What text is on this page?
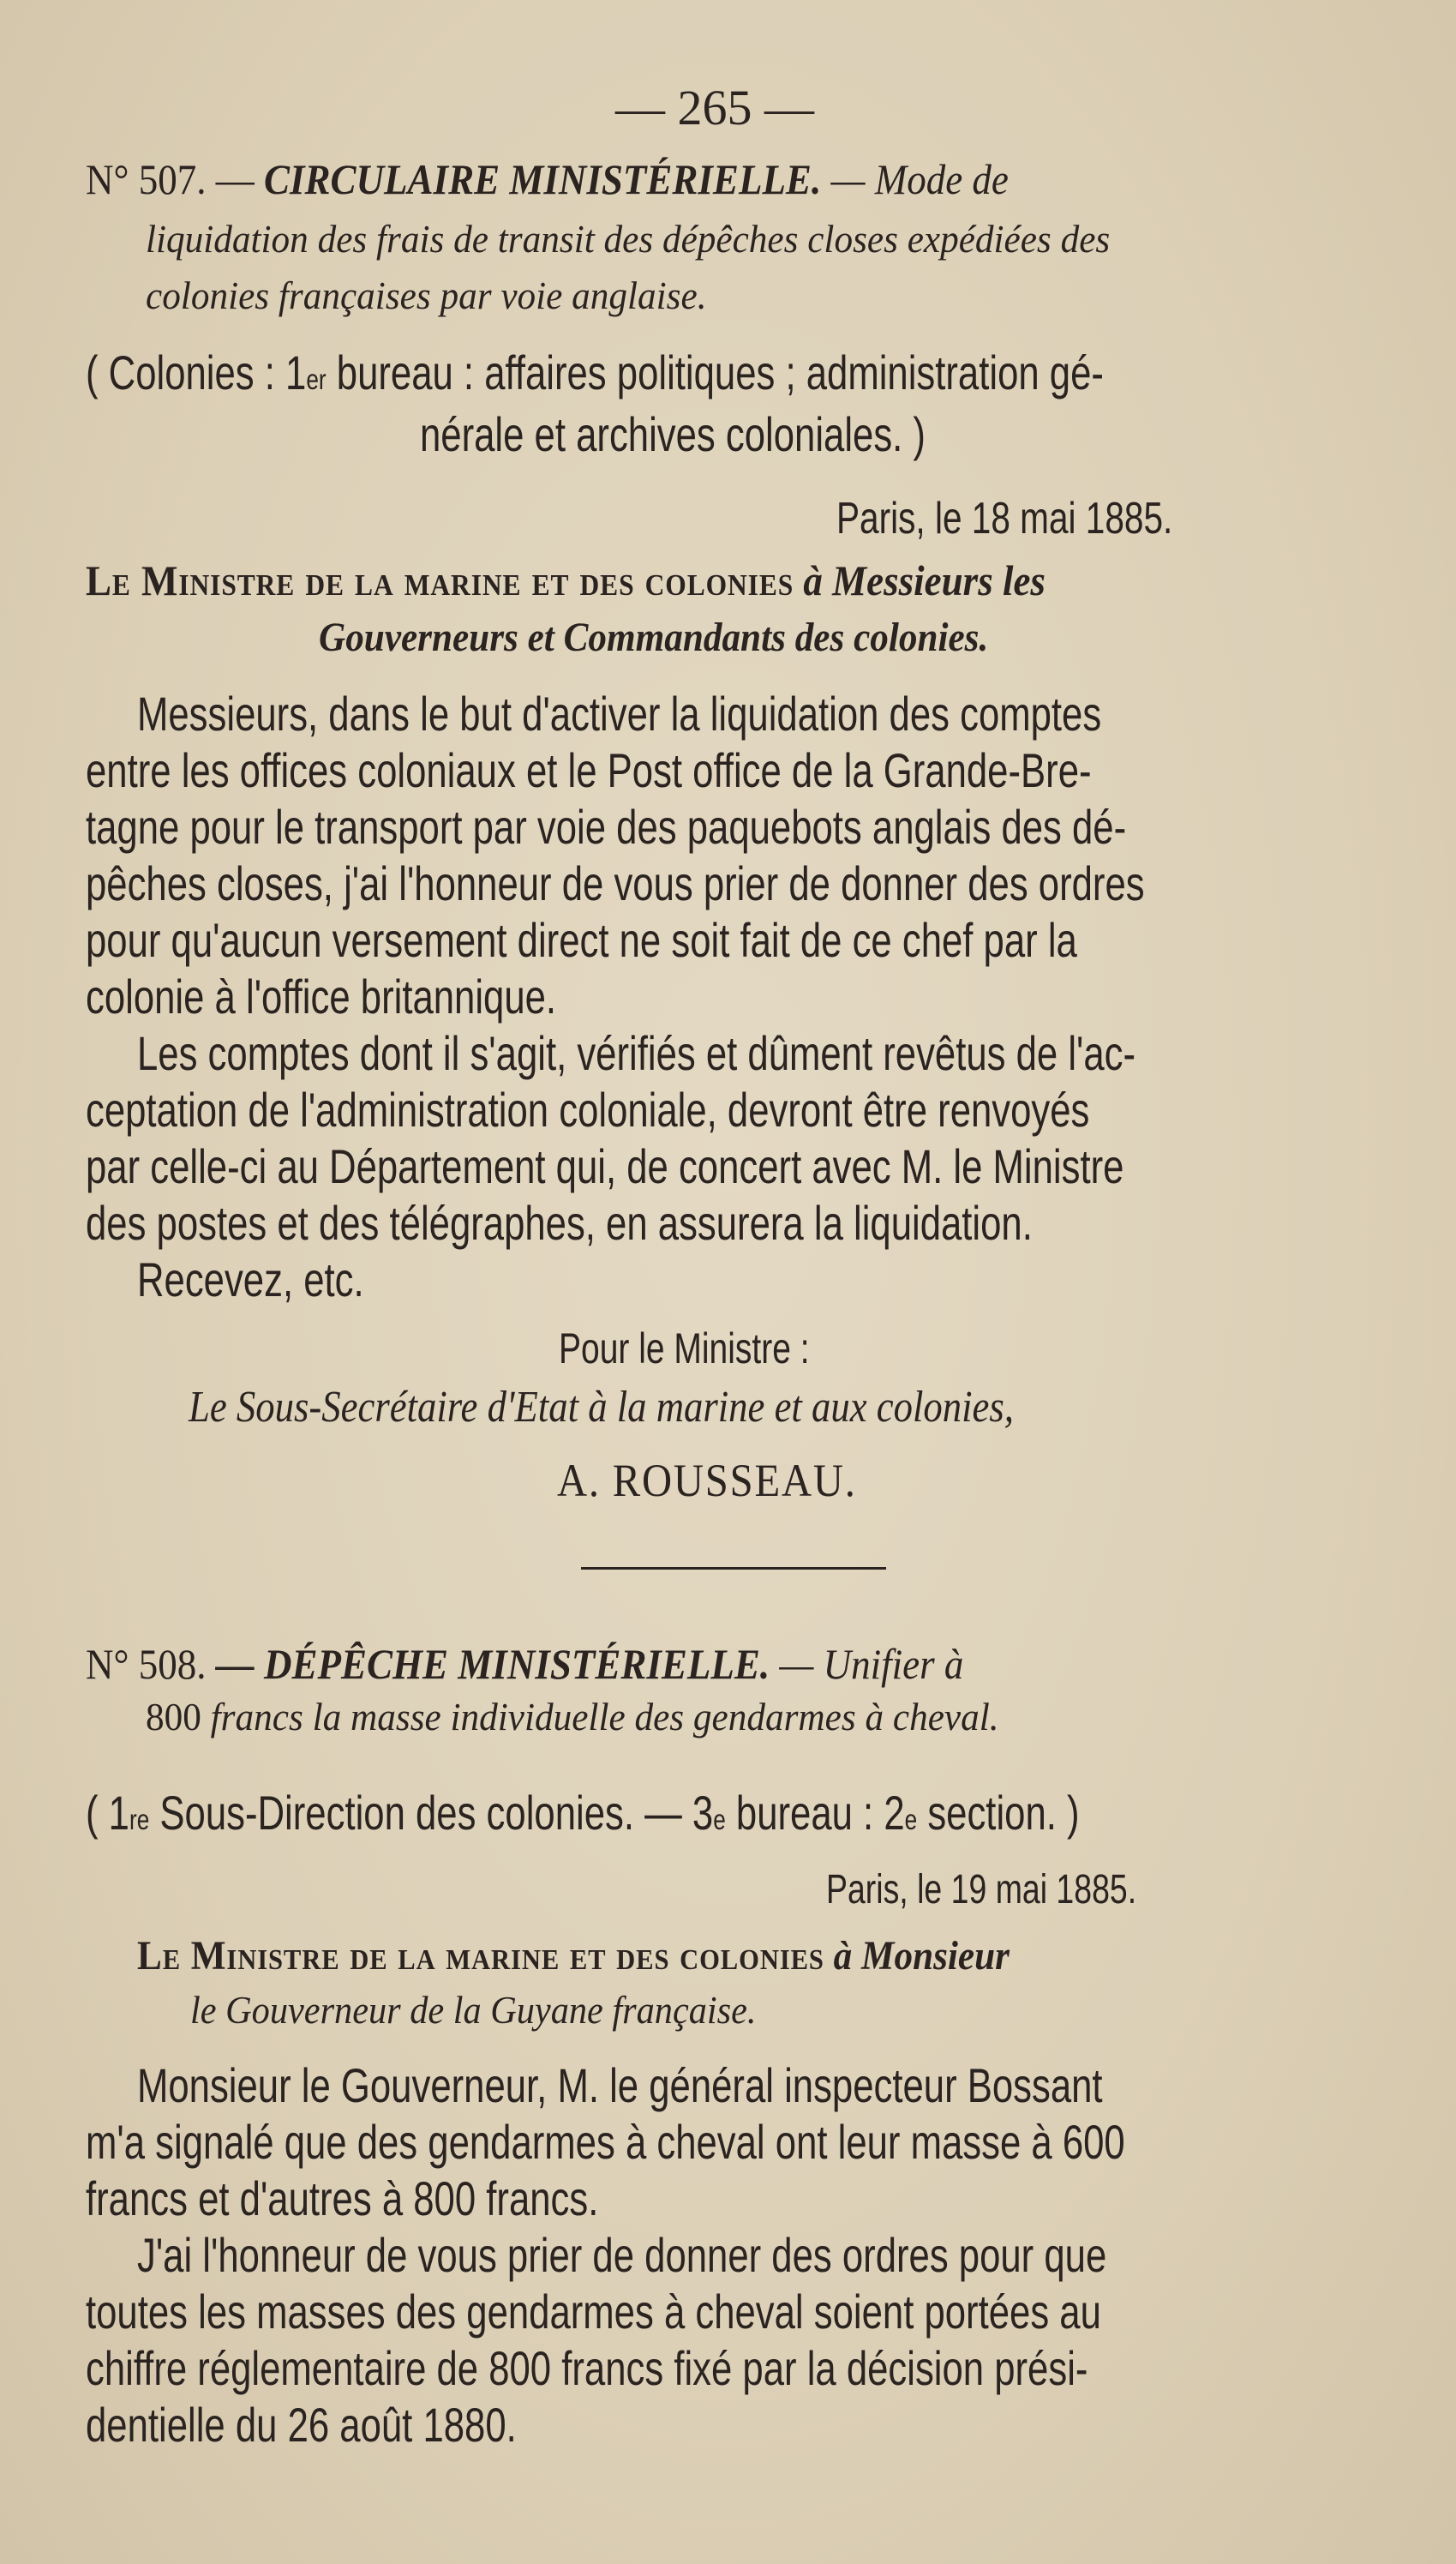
— 265 —
N° 507. — CIRCULAIRE MINISTÉRIELLE. — Mode de
liquidation des frais de transit des dépêches closes expédiées des
colonies françaises par voie anglaise.
( Colonies : 1er bureau : affaires politiques ; administration gé-
nérale et archives coloniales. )
Paris, le 18 mai 1885.
Le Ministre de la marine et des colonies à Messieurs les
Gouverneurs et Commandants des colonies.
Messieurs, dans le but d'activer la liquidation des comptes
entre les offices coloniaux et le Post office de la Grande-Bre-
tagne pour le transport par voie des paquebots anglais des dé-
pêches closes, j'ai l'honneur de vous prier de donner des ordres
pour qu'aucun versement direct ne soit fait de ce chef par la
colonie à l'office britannique.
Les comptes dont il s'agit, vérifiés et dûment revêtus de l'ac-
ceptation de l'administration coloniale, devront être renvoyés
par celle-ci au Département qui, de concert avec M. le Ministre
des postes et des télégraphes, en assurera la liquidation.
Recevez, etc.
Pour le Ministre :
Le Sous-Secrétaire d'Etat à la marine et aux colonies,
A. ROUSSEAU.
N° 508. — DÉPÊCHE MINISTÉRIELLE. — Unifier à
800 francs la masse individuelle des gendarmes à cheval.
( 1re Sous-Direction des colonies. — 3e bureau : 2e section. )
Paris, le 19 mai 1885.
Le Ministre de la marine et des colonies à Monsieur
le Gouverneur de la Guyane française.
Monsieur le Gouverneur, M. le général inspecteur Bossant
m'a signalé que des gendarmes à cheval ont leur masse à 600
francs et d'autres à 800 francs.
J'ai l'honneur de vous prier de donner des ordres pour que
toutes les masses des gendarmes à cheval soient portées au
chiffre réglementaire de 800 francs fixé par la décision prési-
dentielle du 26 août 1880.
